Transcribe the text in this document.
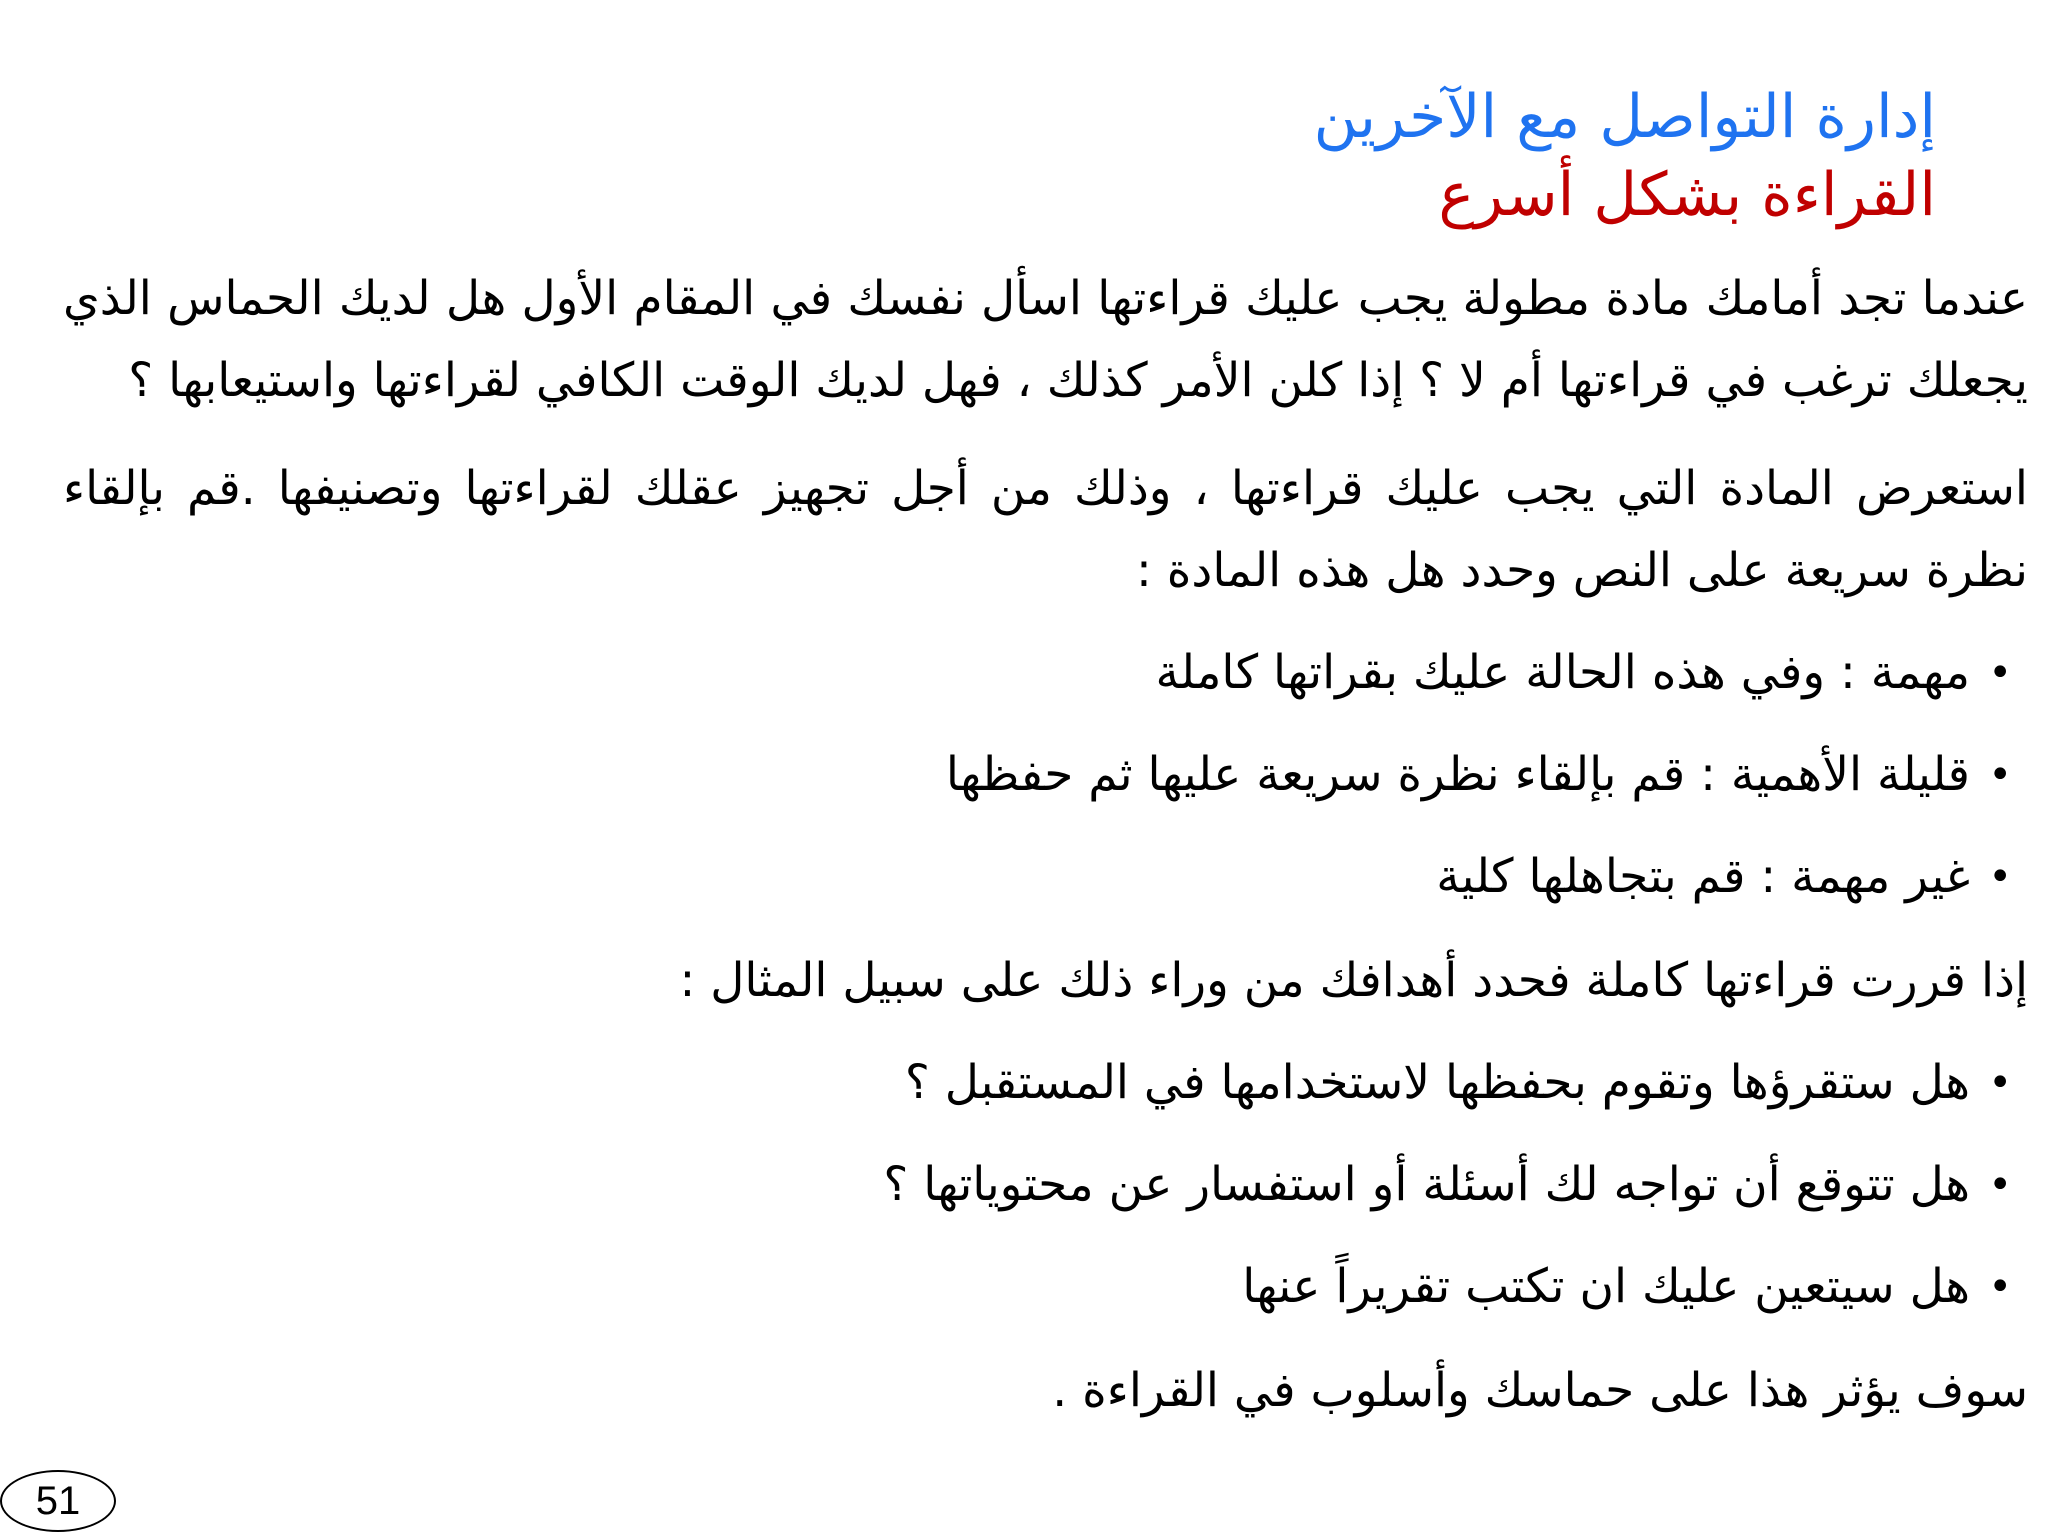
إدارة التواصل مع الآخرين
القراءة بشكل أسرع

عندما تجد أمامك مادة مطولة يجب عليك قراءتها اسأل نفسك في المقام الأول هل لديك الحماس الذي يجعلك ترغب في قراءتها أم لا ؟ إذا كلن الأمر كذلك ، فهل لديك الوقت الكافي لقراءتها واستيعابها ؟

استعرض المادة التي يجب عليك قراءتها ، وذلك من أجل تجهيز عقلك لقراءتها وتصنيفها .قم بإلقاء نظرة سريعة على النص وحدد هل هذه المادة :

•
مهمة : وفي هذه الحالة عليك بقراتها كاملة
•
قليلة الأهمية : قم بإلقاء نظرة سريعة عليها ثم حفظها
•
غير مهمة : قم بتجاهلها كلية

إذا قررت قراءتها كاملة فحدد أهدافك من وراء ذلك على سبيل المثال :

•
هل ستقرؤها وتقوم بحفظها لاستخدامها في المستقبل ؟
•
هل تتوقع أن تواجه لك أسئلة أو استفسار عن محتوياتها ؟
•
هل سيتعين عليك ان تكتب تقريراً عنها

سوف يؤثر هذا على حماسك وأسلوب في القراءة .

51
